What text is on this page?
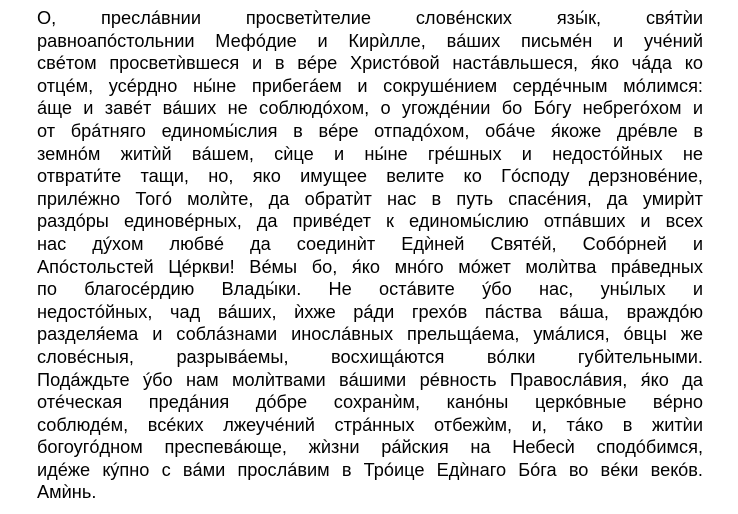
О, преслáвнии просветѝтелие словéнских язы́к, свя́тѝи
равноапóстольнии Мефóдие и Кирѝлле, вáших письмéн и учéний
свéтом просветѝвшеся и в вéре Христóвой настáвльшеся, я́ко чáда ко
отцéм, усéрдно ны́не прибегáем и сокрушéнием сердéчным мóлимся:
áще и завéт вáших не соблюдóхом, о угождéнии бо Бóгу небрегóхом и
от брáтняго единомы́слия в вéре отпадóхом, обáче я́коже дрéвле в
земнóм житѝй вáшем, сѝце и ны́не грéшных и недостóйных не
отврати́те тащи, но, яко имущее велите ко Гóсподу дерзновéние,
прилéжно Тогó молѝте, да обратѝт нас в путь спасéния, да умирѝт
раздóры единовéрных, да привéдет к единомы́слию отпáвших и всех
нас дýхом любвé да соединѝт Едѝней Святéй, Собóрней и
Апóстольстей Цéркви! Вéмы бо, я́ко мнóго мóжет молѝтва прáведных
по благосéрдию Влады́ки. Не остáвите ýбо нас, уны́лых и
недостóйных, чад вáших, ѝхже рáди грехóв пáства вáша, враждóю
разделя́ема и соблáзнами инослáвных прельщáема, умáлися, óвцы же
словéсныя, разрывáемы, восхищáются вóлки губѝтельными.
Подáждьте ýбо нам молѝтвами вáшими рéвность Правослáвия, я́ко да
отéческая предáния дóбре сохранѝм, канóны церкóвные вéрно
соблюдéм, всéких лжеучéний стрáнных отбежѝм, и, тáко в житѝи
богоугóдном преспевáюще, жѝзни рáйския на Небесѝ сподóбимся,
идéже кýпно с вáми прослáвим в Трóице Едѝнаго Бóга во вéки векóв.
Амѝнь.
